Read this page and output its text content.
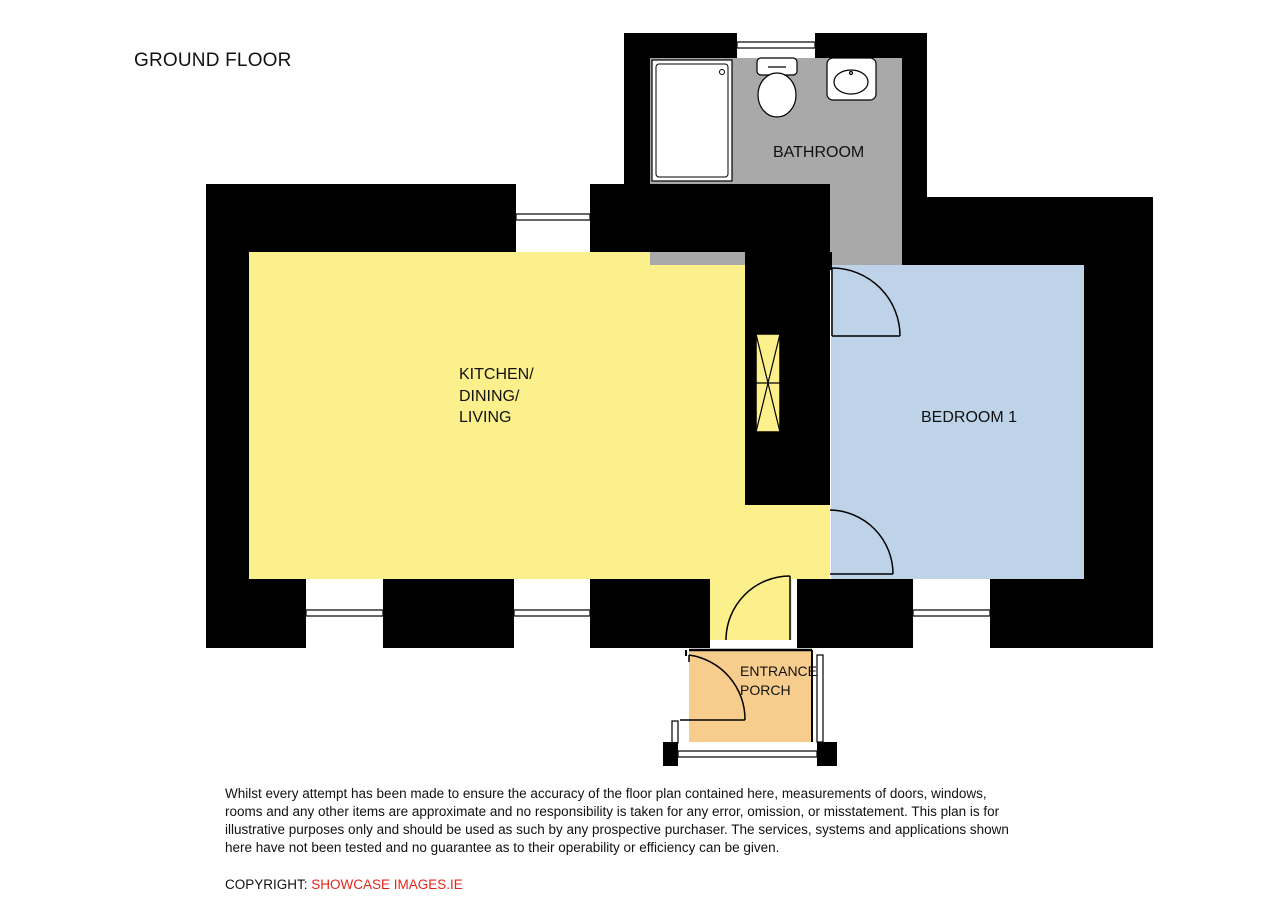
GROUND FLOOR
KITCHEN/
DINING/
LIVING	BEDROOM 1
BATHROOM
ENTRANCE
PORCH
Whilst every attempt has been made to ensure the accuracy of the floor plan contained here, measurements of doors, windows,
rooms and any other items are approximate and no responsibility is taken for any error, omission, or misstatement. This plan is for
illustrative purposes only and should be used as such by any prospective purchaser. The services, systems and applications shown
here have not been tested and no guarantee as to their operability or efficiency can be given.
COPYRIGHT: SHOWCASE IMAGES.IE
